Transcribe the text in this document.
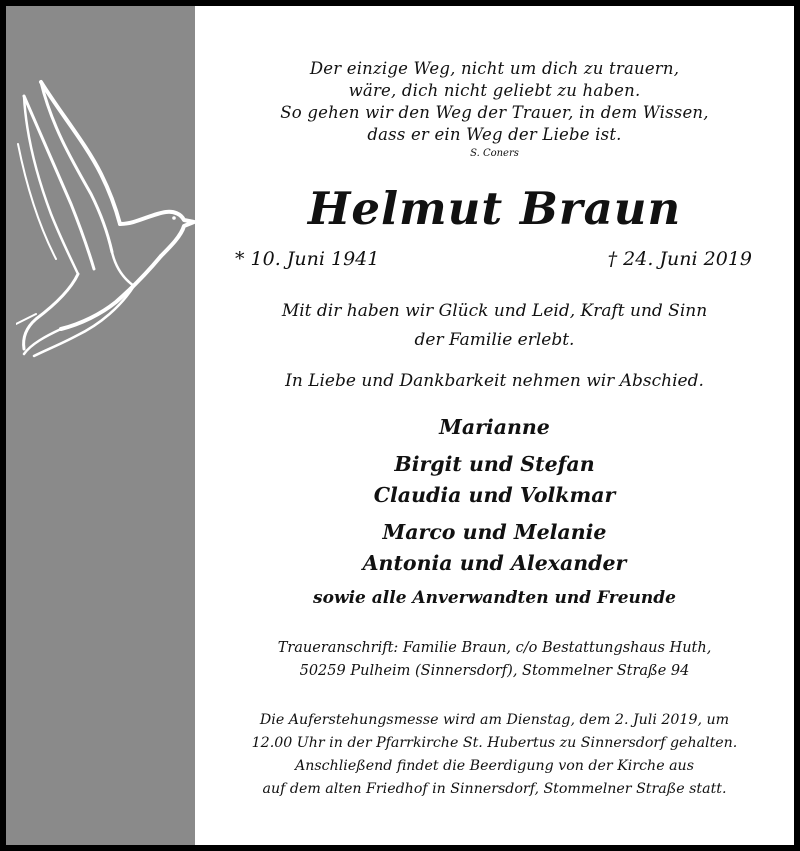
Der einzige Weg, nicht um dich zu trauern,
wäre, dich nicht geliebt zu haben.
So gehen wir den Weg der Trauer, in dem Wissen,
dass er ein Weg der Liebe ist.
S. Coners
Helmut Braun
* 10. Juni 1941	† 24. Juni 2019
Mit dir haben wir Glück und Leid, Kraft und Sinn
der Familie erlebt.
In Liebe und Dankbarkeit nehmen wir Abschied.
Marianne
Birgit und Stefan
Claudia und Volkmar
Marco und Melanie
Antonia und Alexander
sowie alle Anverwandten und Freunde
Traueranschrift: Familie Braun, c/o Bestattungshaus Huth,
50259 Pulheim (Sinnersdorf), Stommelner Straße 94
Die Auferstehungsmesse wird am Dienstag, dem 2. Juli 2019, um
12.00 Uhr in der Pfarrkirche St. Hubertus zu Sinnersdorf gehalten.
Anschließend findet die Beerdigung von der Kirche aus
auf dem alten Friedhof in Sinnersdorf, Stommelner Straße statt.
